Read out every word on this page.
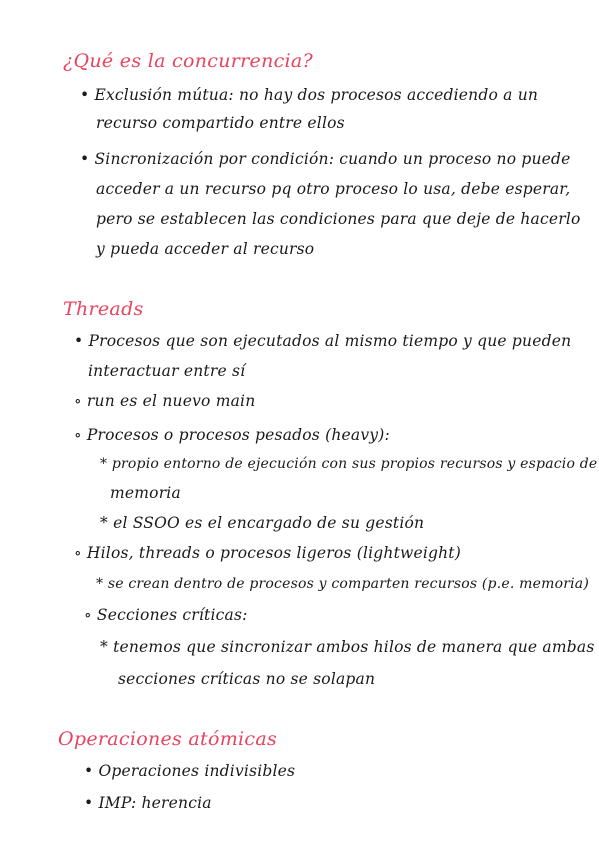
¿Qué es la concurrencia?
• Exclusión mútua: no hay dos procesos accediendo a un
recurso compartido entre ellos
• Sincronización por condición: cuando un proceso no puede
acceder a un recurso pq otro proceso lo usa, debe esperar,
pero se establecen las condiciones para que deje de hacerlo
y pueda acceder al recurso
Threads
• Procesos que son ejecutados al mismo tiempo y que pueden
interactuar entre sí
∘ run es el nuevo main
∘ Procesos o procesos pesados (heavy):
* propio entorno de ejecución con sus propios recursos y espacio de
memoria
* el SSOO es el encargado de su gestión
∘ Hilos, threads o procesos ligeros (lightweight)
* se crean dentro de procesos y comparten recursos (p.e. memoria)
∘ Secciones críticas:
* tenemos que sincronizar ambos hilos de manera que ambas
secciones críticas no se solapan
Operaciones atómicas
• Operaciones indivisibles
• IMP: herencia
